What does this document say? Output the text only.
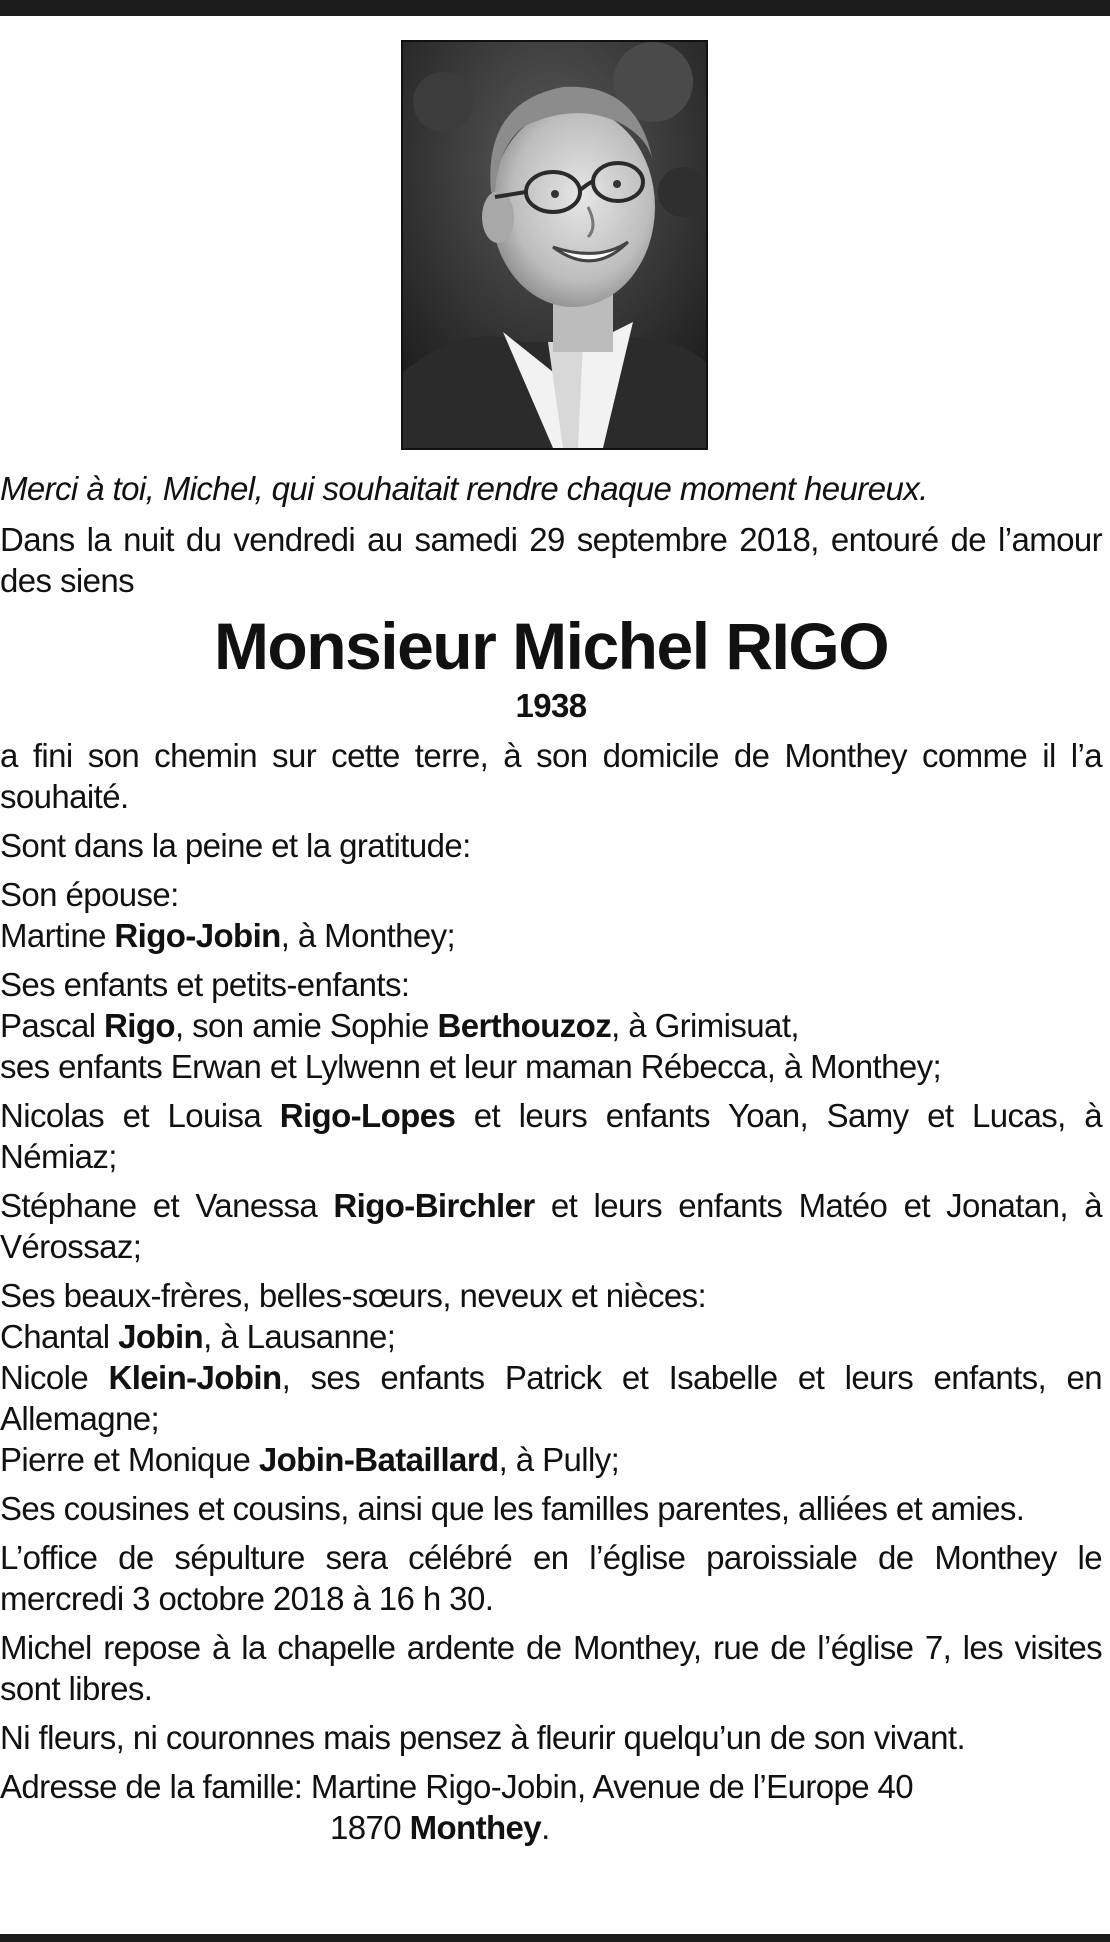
Merci à toi, Michel, qui souhaitait rendre chaque moment heureux.

Dans la nuit du vendredi au samedi 29 septembre 2018, entouré de l’amour des siens

Monsieur Michel RIGO

1938

a fini son chemin sur cette terre, à son domicile de Monthey comme il l’a souhaité.

Sont dans la peine et la gratitude:

Son épouse:

Martine Rigo-Jobin, à Monthey;

Ses enfants et petits-enfants:

Pascal Rigo, son amie Sophie Berthouzoz, à Grimisuat,

ses enfants Erwan et Lylwenn et leur maman Rébecca, à Monthey;

Nicolas et Louisa Rigo-Lopes et leurs enfants Yoan, Samy et Lucas, à Némiaz;

Stéphane et Vanessa Rigo-Birchler et leurs enfants Matéo et Jonatan, à Vérossaz;

Ses beaux-frères, belles-sœurs, neveux et nièces:

Chantal Jobin, à Lausanne;

Nicole Klein-Jobin, ses enfants Patrick et Isabelle et leurs enfants, en Allemagne;

Pierre et Monique Jobin-Bataillard, à Pully;

Ses cousines et cousins, ainsi que les familles parentes, alliées et amies.

L’office de sépulture sera célébré en l’église paroissiale de Monthey le mercredi 3 octobre 2018 à 16 h 30.

Michel repose à la chapelle ardente de Monthey, rue de l’église 7, les visites sont libres.

Ni fleurs, ni couronnes mais pensez à fleurir quelqu’un de son vivant.

Adresse de la famille: Martine Rigo-Jobin, Avenue de l’Europe 40

1870 Monthey.
